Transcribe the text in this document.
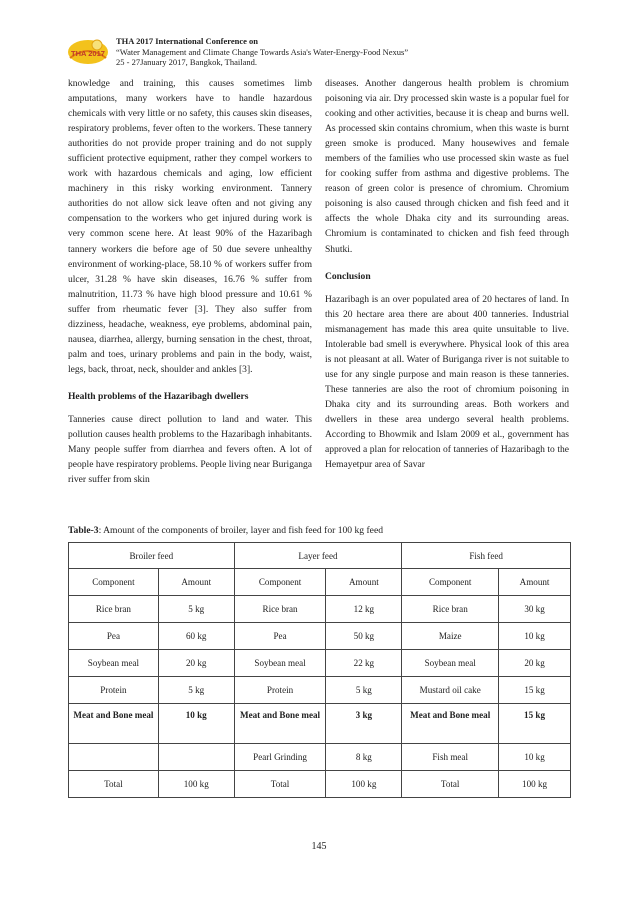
THA 2017
THA 2017 International Conference on
“Water Management and Climate Change Towards Asia's Water-Energy-Food Nexus”
25 - 27January 2017, Bangkok, Thailand.

knowledge and training, this causes sometimes limb amputations, many workers have to handle hazardous chemicals with very little or no safety, this causes skin diseases, respiratory problems, fever often to the workers. These tannery authorities do not provide proper training and do not supply sufficient protective equipment, rather they compel workers to work with hazardous chemicals and aging, low efficient machinery in this risky working environment. Tannery authorities do not allow sick leave often and not giving any compensation to the workers who get injured during work is very common scene here. At least 90% of the Hazaribagh tannery workers die before age of 50 due severe unhealthy environment of working-place, 58.10 % of workers suffer from ulcer, 31.28 % have skin diseases, 16.76 % suffer from malnutrition, 11.73 % have high blood pressure and 10.61 % suffer from rheumatic fever [3]. They also suffer from dizziness, headache, weakness, eye problems, abdominal pain, nausea, diarrhea, allergy, burning sensation in the chest, throat, palm and toes, urinary problems and pain in the body, waist, legs, back, throat, neck, shoulder and ankles [3].

Health problems of the Hazaribagh dwellers

Tanneries cause direct pollution to land and water. This pollution causes health problems to the Hazaribagh inhabitants. Many people suffer from diarrhea and fevers often. A lot of people have respiratory problems. People living near Buriganga river suffer from skin

diseases. Another dangerous health problem is chromium poisoning via air. Dry processed skin waste is a popular fuel for cooking and other activities, because it is cheap and burns well. As processed skin contains chromium, when this waste is burnt green smoke is produced. Many housewives and female members of the families who use processed skin waste as fuel for cooking suffer from asthma and digestive problems. The reason of green color is presence of chromium. Chromium poisoning is also caused through chicken and fish feed and it affects the whole Dhaka city and its surrounding areas. Chromium is contaminated to chicken and fish feed through Shutki.

Conclusion

Hazaribagh is an over populated area of 20 hectares of land. In this 20 hectare area there are about 400 tanneries. Industrial mismanagement has made this area quite unsuitable to live. Intolerable bad smell is everywhere. Physical look of this area is not pleasant at all. Water of Buriganga river is not suitable to use for any single purpose and main reason is these tanneries. These tanneries are also the root of chromium poisoning in Dhaka city and its surrounding areas. Both workers and dwellers in these area undergo several health problems. According to Bhowmik and Islam 2009 et al., government has approved a plan for relocation of tanneries of Hazaribagh to the Hemayetpur area of Savar

Table-3: Amount of the components of broiler, layer and fish feed for 100 kg feed
Broiler feed		Layer feed		Fish feed	
Component	Amount	Component	Amount	Component	Amount
Rice bran	5 kg	Rice bran	12 kg	Rice bran	30 kg
Pea	60 kg	Pea	50 kg	Maize	10 kg
Soybean meal	20 kg	Soybean meal	22 kg	Soybean meal	20 kg
Protein	5 kg	Protein	5 kg	Mustard oil cake	15 kg
Meat and Bone meal	10 kg	Meat and Bone meal	3 kg	Meat and Bone meal	15 kg
		Pearl Grinding	8 kg	Fish meal	10 kg
Total	100 kg	Total	100 kg	Total	100 kg
145
